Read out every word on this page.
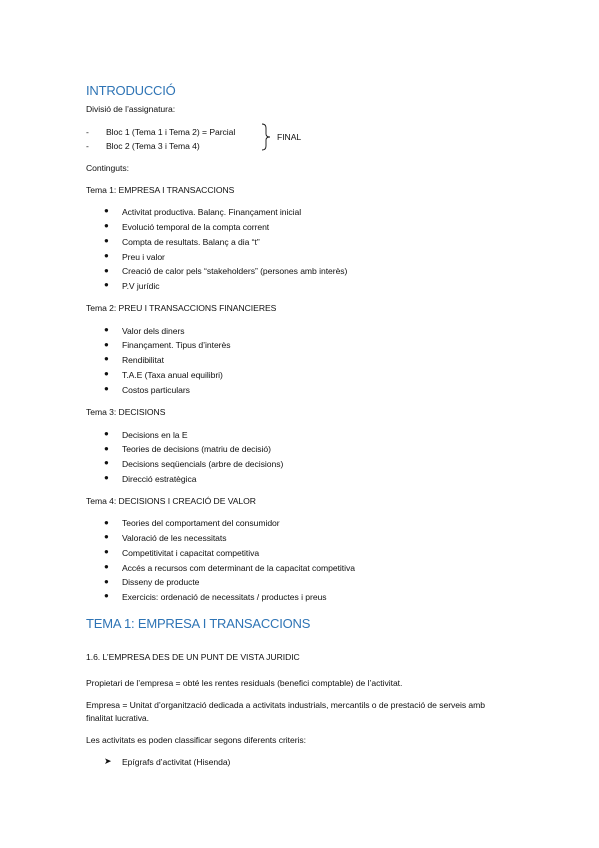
INTRODUCCIÓ
Divisió de l’assignatura:
- Bloc 1 (Tema 1 i Tema 2) = Parcial
- Bloc 2 (Tema 3 i Tema 4)
FINAL
Continguts:
Tema 1: EMPRESA I TRANSACCIONS
● Activitat productiva. Balanç. Finançament inicial
● Evolució temporal de la compta corrent
● Compta de resultats. Balanç a dia “t”
● Preu i valor
● Creació de calor pels “stakeholders” (persones amb interès)
● P.V jurídic
Tema 2: PREU I TRANSACCIONS FINANCIERES
● Valor dels diners
● Finançament. Tipus d’interès
● Rendibilitat
● T.A.E (Taxa anual equilibri)
● Costos particulars
Tema 3: DECISIONS
● Decisions en la E
● Teories de decisions (matriu de decisió)
● Decisions seqüencials (arbre de decisions)
● Direcció estratègica
Tema 4: DECISIONS I CREACIÓ DE VALOR
● Teories del comportament del consumidor
● Valoració de les necessitats
● Competitivitat i capacitat competitiva
● Accés a recursos com determinant de la capacitat competitiva
● Disseny de producte
● Exercicis: ordenació de necessitats / productes i preus
TEMA 1: EMPRESA I TRANSACCIONS
1.6. L’EMPRESA DES DE UN PUNT DE VISTA JURIDIC
Propietari de l’empresa = obté les rentes residuals (benefici comptable) de l’activitat.
Empresa = Unitat d’organització dedicada a activitats industrials, mercantils o de prestació de serveis amb
finalitat lucrativa.
Les activitats es poden classificar segons diferents criteris:
➤ Epígrafs d’activitat (Hisenda)
